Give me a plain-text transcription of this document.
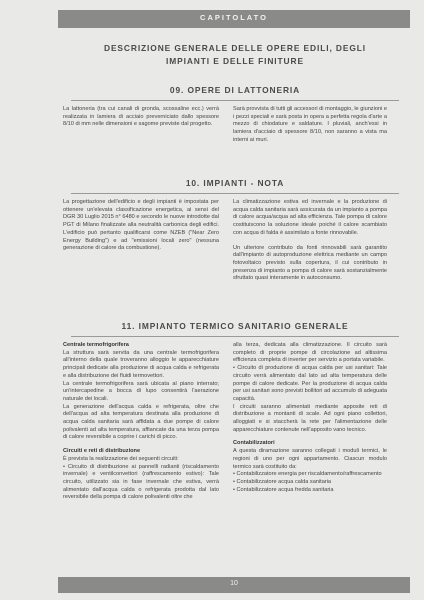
CAPITOLATO
DESCRIZIONE GENERALE DELLE OPERE EDILI, DEGLI
IMPIANTI E DELLE FINITURE
09. OPERE DI LATTONERIA

La lattoneria (tra cui canali di gronda, scossaline ecc.) verrà realizzata in lamiera di acciaio preverniciato dallo spessore 8/10 di mm nelle dimensioni e sagome previste dal progetto.

Sarà provvista di tutti gli accessori di montaggio, le giunzioni e i pezzi speciali e sarà posta in opera a perfetta regola d'arte a mezzo di chiodature e saldature. I pluviali, anch'essi in lamiera d'acciaio di spessore 8/10, non saranno a vista ma interni ai muri.

10. IMPIANTI - NOTA

La progettazione dell'edificio e degli impianti è impostata per ottenere un'elevata classificazione energetica, ai sensi del DGR 30 Luglio 2015 n° 6480 e secondo le nuove introdotte dal PGT di Milano finalizzate alla neutralità carbonica degli edifici. L'edificio può pertanto qualificarsi come NZEB ("Near Zero Energy Building") e ad "emissioni locali zero" (nessuna generazione di calore da combustione).

La climatizzazione estiva ed invernale e la produzione di acqua calda sanitaria sarà assicurata da un impianto a pompa di calore acqua/acqua ad alta efficienza. Tale pompa di calore costituiscono la soluzione ideale poiché il calore scambiato con acqua di falda è assimilato a fonte rinnovabile.

Un ulteriore contributo da fonti rinnovabili sarà garantito dall'impianto di autoproduzione elettrica mediante un campo fotovoltaico previsto sulla copertura, il cui contributo in presenza di impianto a pompa di calore sarà sostanzialmente sfruttato quasi interamente in autoconsumo.

11. IMPIANTO TERMICO SANITARIO GENERALE

Centrale termofrigorifera

La struttura sarà servita da una centrale termofrigorifera all'interno della quale troveranno alloggio le apparecchiature principali dedicate alla produzione di acqua calda e refrigerata e alla distribuzione dei fluidi termovettori.

La centrale termofrigorifera sarà ubicata al piano interrato; un'intercapedine a bocca di lupo consentirà l'aerazione naturale dei locali.

La generazione dell'acqua calda e refrigerata, oltre che dell'acqua ad alta temperatura destinata alla produzione di acqua calda sanitaria sarà affidata a due pompe di calore polivalenti ad alta temperatura, affiancate da una terza pompa di calore reversibile a coprire i carichi di picco.

Circuiti e reti di distribuzione

È prevista la realizzazione dei seguenti circuiti:

• Circuito di distribuzione ai pannelli radianti (riscaldamento invernale) e ventilconvettori (raffrescamento estivo): Tale circuito, utilizzato sia in fase invernale che estiva, verrà alimentato dall'acqua calda o refrigerata prodotta dal lato reversibile della pompa di calore polivalenti oltre che

alla terza, dedicata alla climatizzazione. Il circuito sarà completo di proprie pompe di circolazione ad altissima efficienza completa di inverter per servizio a portata variabile.

• Circuito di produzione di acqua calda per usi sanitari: Tale circuito verrà alimentato dal lato ad alta temperatura delle pompe di calore dedicate. Per la produzione di acqua calda per usi sanitari sono previsti bollitori ad accumulo di adeguata capacità.

I circuiti saranno alimentati mediante apposite reti di distribuzione a montanti di scale. Ad ogni piano collettori, alloggiati e si staccherà la rete per l'alimentazione delle apparecchiature contenute nell'apposito vano tecnico.

Contabilizzatori

A questa diramazione saranno collegati i moduli termici, le regioni di uno per ogni appartamento. Ciascun modulo termico sarà costituito da:

• Contabilizzatore energia per riscaldamento/raffrescamento

• Contabilizzatore acqua calda sanitaria

• Contabilizzatore acqua fredda sanitaria

10
